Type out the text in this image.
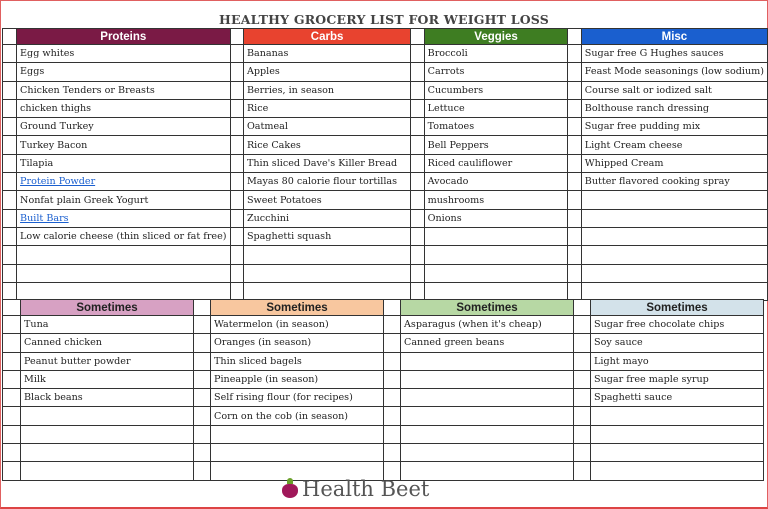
HEALTHY GROCERY LIST FOR WEIGHT LOSS
	Proteins		Carbs		Veggies		Misc
	Egg whites		Bananas		Broccoli		Sugar free G Hughes sauces
	Eggs		Apples		Carrots		Feast Mode seasonings (low sodium)
	Chicken Tenders or Breasts		Berries, in season		Cucumbers		Course salt or iodized salt
	chicken thighs		Rice		Lettuce		Bolthouse ranch dressing
	Ground Turkey		Oatmeal		Tomatoes		Sugar free pudding mix
	Turkey Bacon		Rice Cakes		Bell Peppers		Light Cream cheese
	Tilapia		Thin sliced Dave's Killer Bread		Riced cauliflower		Whipped Cream
	Protein Powder		Mayas 80 calorie flour tortillas		Avocado		Butter flavored cooking spray
	Nonfat plain Greek Yogurt		Sweet Potatoes		mushrooms		
	Built Bars		Zucchini		Onions		
	Low calorie cheese (thin sliced or fat free)		Spaghetti squash				

	Sometimes		Sometimes		Sometimes		Sometimes
	Tuna		Watermelon (in season)		Asparagus (when it's cheap)		Sugar free chocolate chips
	Canned chicken		Oranges (in season)		Canned green beans		Soy sauce
	Peanut butter powder		Thin sliced bagels				Light mayo
	Milk		Pineapple (in season)				Sugar free maple syrup
	Black beans		Self rising flour (for recipes)				Spaghetti sauce
			Corn on the cob (in season)				

Health Beet
